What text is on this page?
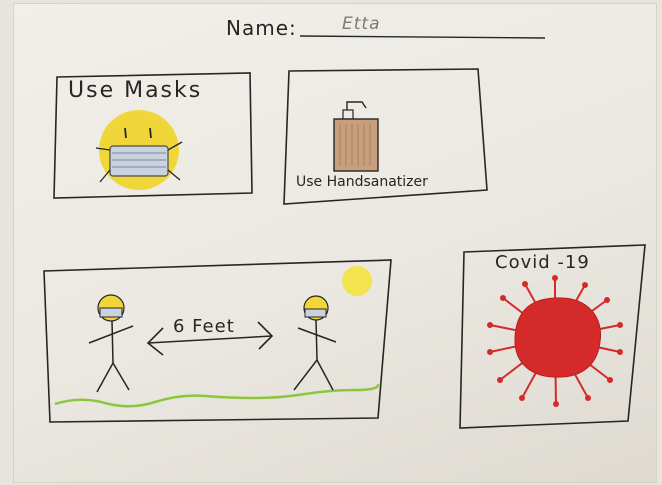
Name:	Etta
Use Masks
Use Handsanatizer
6 Feet
Covid -19
